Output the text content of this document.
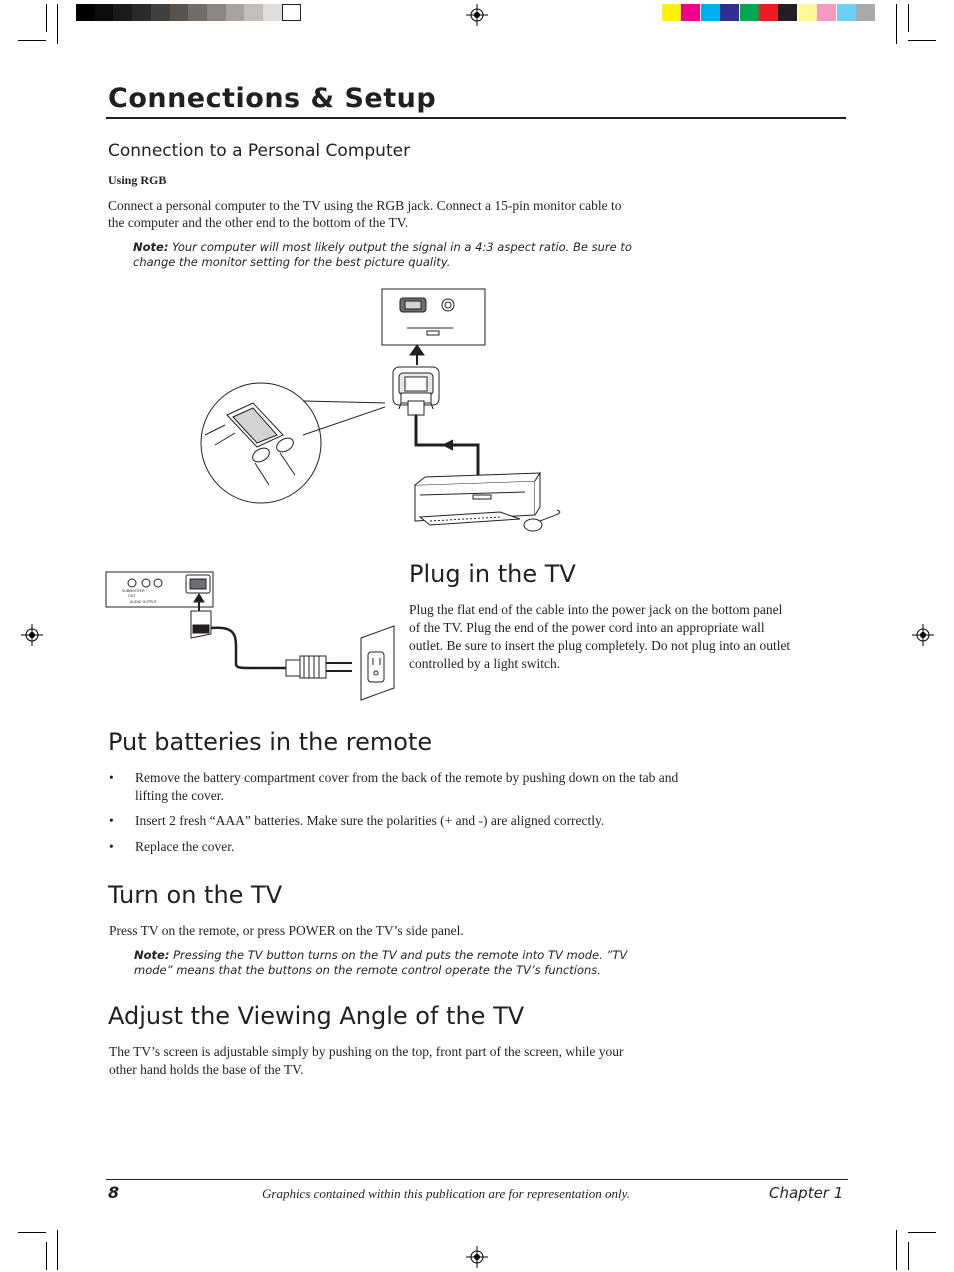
Connections & Setup
Connection to a Personal Computer
Using RGB
Connect a personal computer to the TV using the RGB jack. Connect a 15-pin monitor cable to
the computer and the other end to the bottom of the TV.
Note: Your computer will most likely output the signal in a 4:3 aspect ratio. Be sure to
change the monitor setting for the best picture quality.
SUBWOOFER
OUT
AUDIO OUTPUT
Plug in the TV
Plug the flat end of the cable into the power jack on the bottom panel
of the TV. Plug the end of the power cord into an appropriate wall
outlet. Be sure to insert the plug completely. Do not plug into an outlet
controlled by a light switch.
Put batteries in the remote
• Remove the battery compartment cover from the back of the remote by pushing down on the tab and lifting the cover.
• Insert 2 fresh “AAA” batteries. Make sure the polarities (+ and -) are aligned correctly.
• Replace the cover.
Turn on the TV
Press TV on the remote, or press POWER on the TV’s side panel.
Note: Pressing the TV button turns on the TV and puts the remote into TV mode. ”TV
mode” means that the buttons on the remote control operate the TV’s functions.
Adjust the Viewing Angle of the TV
The TV’s screen is adjustable simply by pushing on the top, front part of the screen, while your
other hand holds the base of the TV.
8	Graphics contained within this publication are for representation only.	Chapter 1
